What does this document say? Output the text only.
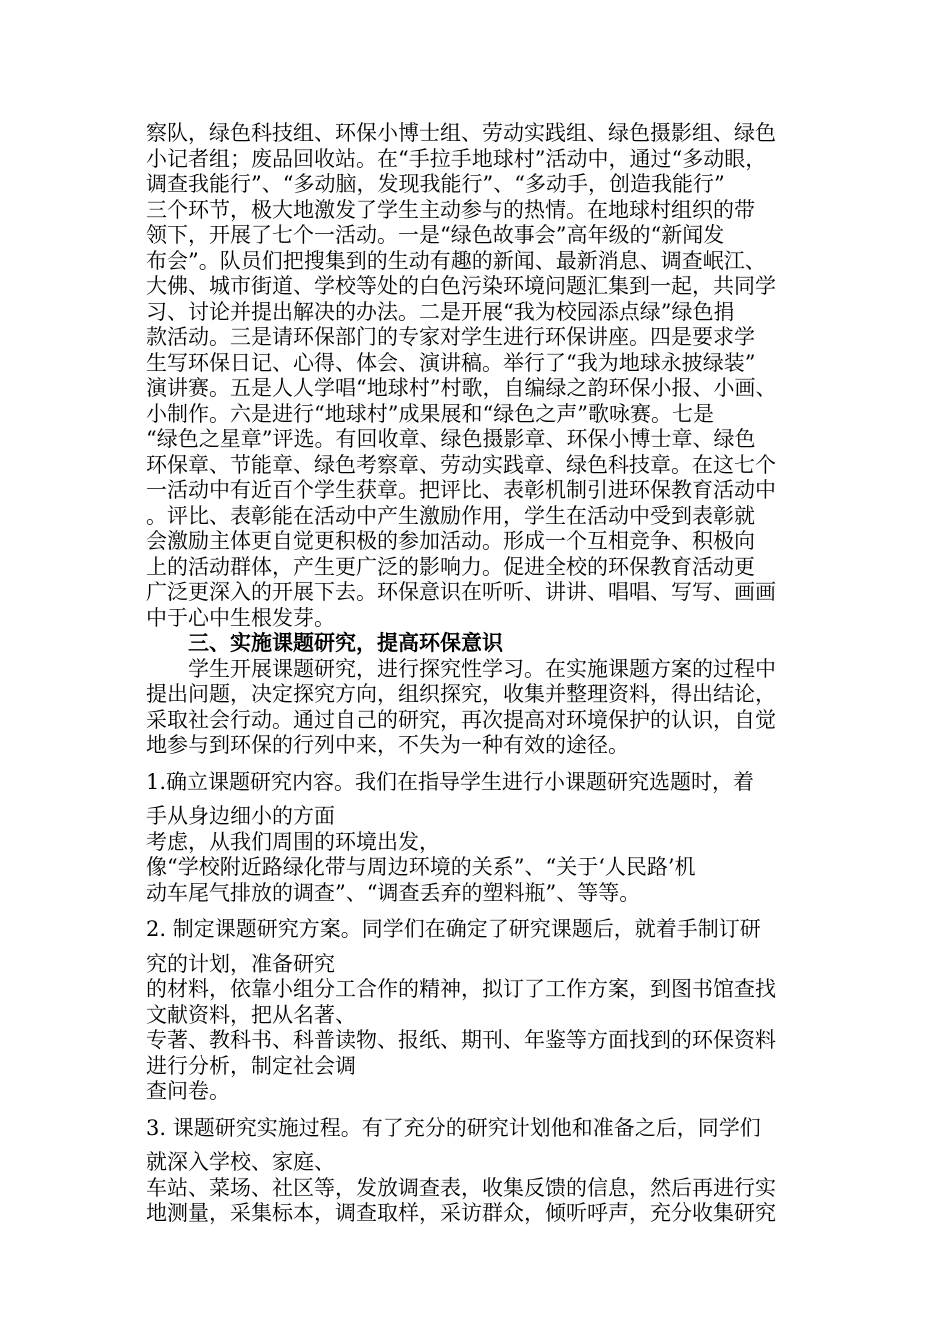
察队，绿色科技组、环保小博士组、劳动实践组、绿色摄影组、绿色
小记者组；废品回收站。在“手拉手地球村”活动中，通过“多动眼，
调查我能行”、“多动脑，发现我能行”、“多动手，创造我能行”
三个环节，极大地激发了学生主动参与的热情。在地球村组织的带
领下，开展了七个一活动。一是“绿色故事会”高年级的“新闻发
布会”。队员们把搜集到的生动有趣的新闻、最新消息、调查岷江、
大佛、城市街道、学校等处的白色污染环境问题汇集到一起，共同学
习、讨论并提出解决的办法。二是开展“我为校园添点绿”绿色捐
款活动。三是请环保部门的专家对学生进行环保讲座。四是要求学
生写环保日记、心得、体会、演讲稿。举行了“我为地球永披绿装”
演讲赛。五是人人学唱“地球村”村歌，自编绿之韵环保小报、小画、
小制作。六是进行“地球村”成果展和“绿色之声”歌咏赛。七是
“绿色之星章”评选。有回收章、绿色摄影章、环保小博士章、绿色
环保章、节能章、绿色考察章、劳动实践章、绿色科技章。在这七个
一活动中有近百个学生获章。把评比、表彰机制引进环保教育活动中
。评比、表彰能在活动中产生激励作用，学生在活动中受到表彰就
会激励主体更自觉更积极的参加活动。形成一个互相竞争、积极向
上的活动群体，产生更广泛的影响力。促进全校的环保教育活动更
广泛更深入的开展下去。环保意识在听听、讲讲、唱唱、写写、画画
中于心中生根发芽。
三、实施课题研究，提高环保意识
学生开展课题研究，进行探究性学习。在实施课题方案的过程中
提出问题，决定探究方向，组织探究，收集并整理资料，得出结论，
采取社会行动。通过自己的研究，再次提高对环境保护的认识，自觉
地参与到环保的行列中来，不失为一种有效的途径。
1.确立课题研究内容。我们在指导学生进行小课题研究选题时，着
手从身边细小的方面
考虑，从我们周围的环境出发，
像“学校附近路绿化带与周边环境的关系”、“关于‘人民路’机
动车尾气排放的调查”、“调查丢弃的塑料瓶”、等等。
2. 制定课题研究方案。同学们在确定了研究课题后，就着手制订研
究的计划，准备研究
的材料，依靠小组分工合作的精神，拟订了工作方案，到图书馆查找
文献资料，把从名著、
专著、教科书、科普读物、报纸、期刊、年鉴等方面找到的环保资料
进行分析，制定社会调
查问卷。
3. 课题研究实施过程。有了充分的研究计划他和准备之后，同学们
就深入学校、家庭、
车站、菜场、社区等，发放调查表，收集反馈的信息，然后再进行实
地测量，采集标本，调查取样，采访群众，倾听呼声，充分收集研究
